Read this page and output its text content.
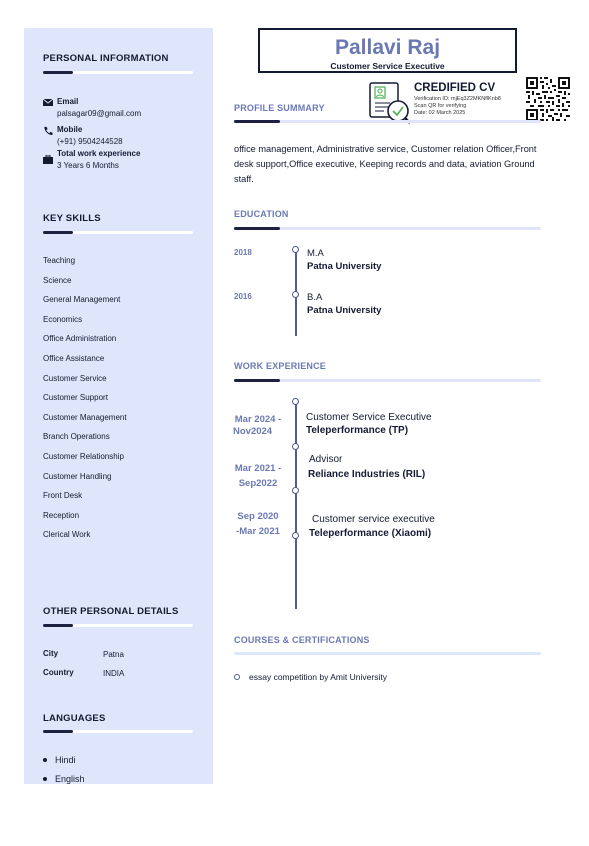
PERSONAL INFORMATION
Email
palsagar09@gmail.com
Mobile
(+91) 9504244528
Total work experience
3 Years 6 Months
KEY SKILLS
Teaching
Science
General Management
Economics
Office Administration
Office Assistance
Customer Service
Customer Support
Customer Management
Branch Operations
Customer Relationship
Customer Handling
Front Desk
Reception
Clerical Work
OTHER PERSONAL DETAILS
City	Patna
Country	INDIA
LANGUAGES
Hindi
English
Pallavi Raj
Customer Service Executive
CREDIFIED CV
Verification ID: mjEq3Z2MKNflKnb8
Scan QR for verifying
Date: 02 March 2025
PROFILE SUMMARY
office management, Administrative service, Customer relation Officer,Front desk support,Office executive, Keeping records and data, aviation Ground staff.
EDUCATION
2018	M.A
Patna University
2016	B.A
Patna University
WORK EXPERIENCE
Mar 2024 -
Nov2024
Customer Service Executive
Teleperformance (TP)
Mar 2021 -
Sep2022
Advisor
Reliance Industries (RIL)
Sep 2020
-Mar 2021
Customer service executive
Teleperformance (Xiaomi)
COURSES & CERTIFICATIONS
essay competition by Amit University
